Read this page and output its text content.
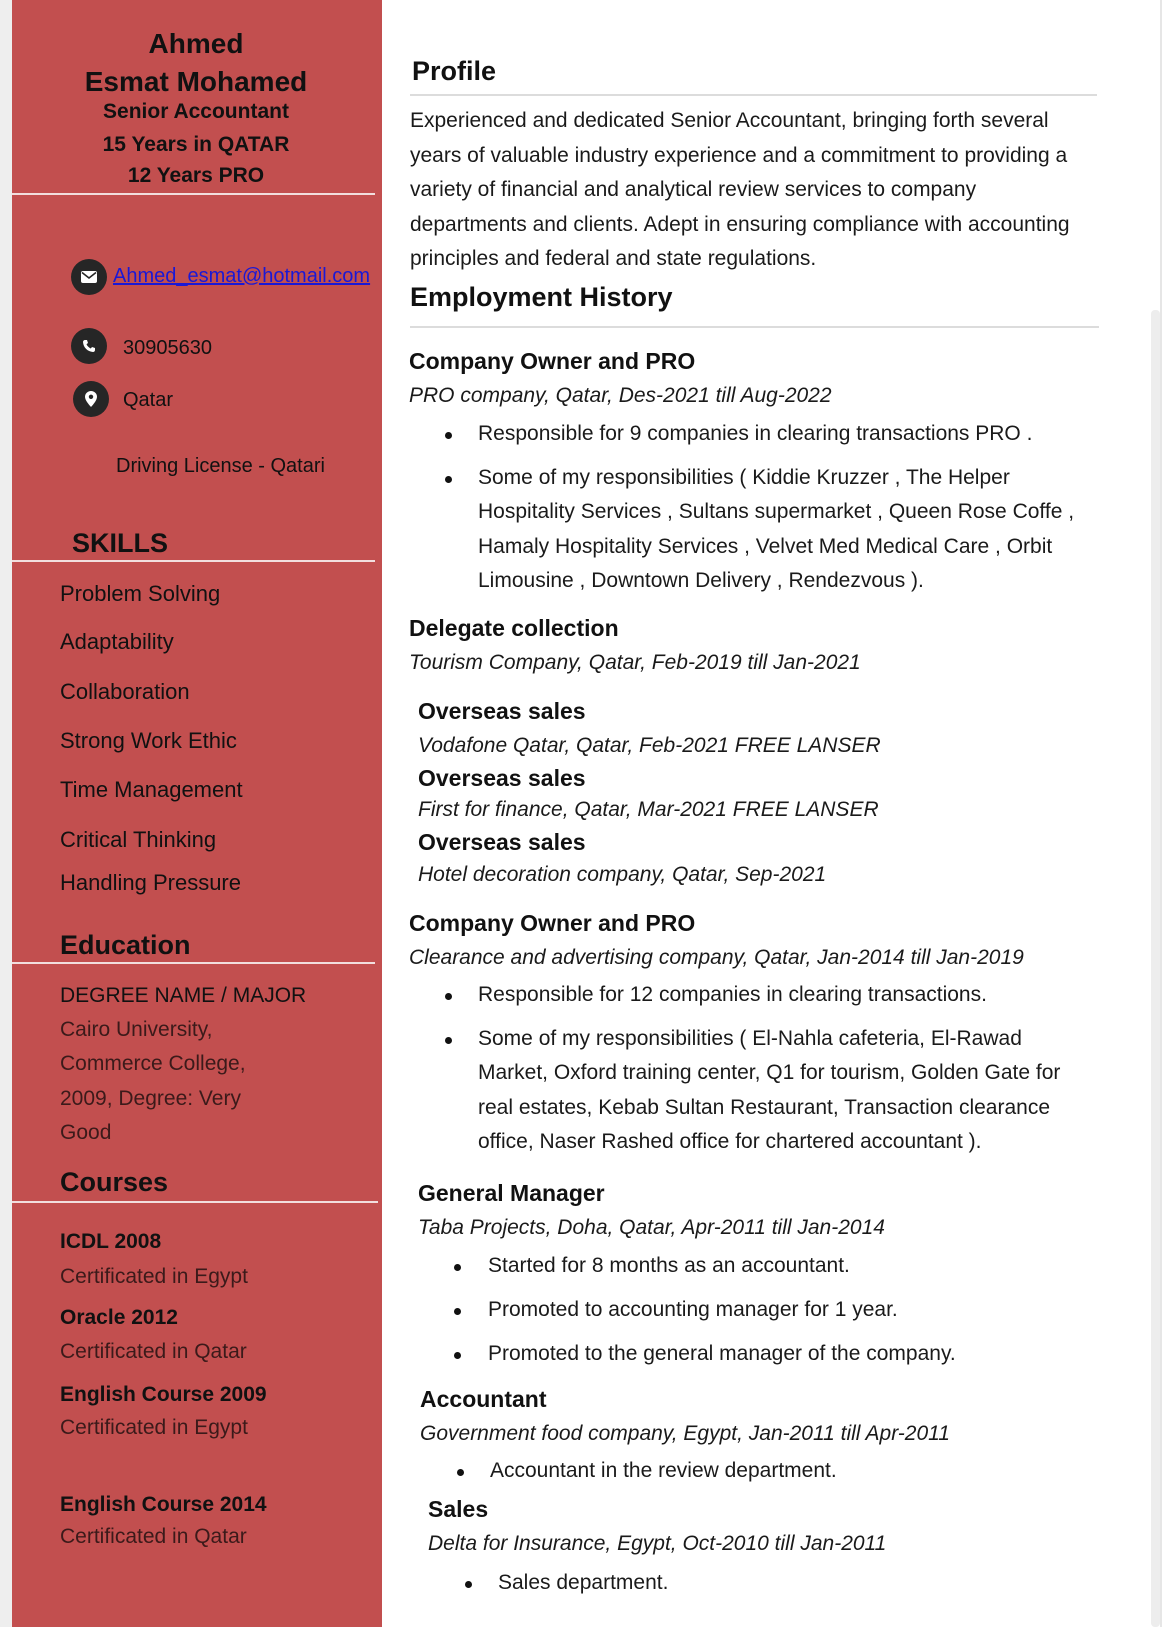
Ahmed
Esmat Mohamed
Senior Accountant
15 Years in QATAR
12 Years PRO
Ahmed_esmat@hotmail.com
30905630
Qatar
Driving License - Qatari
SKILLS
Problem Solving
Adaptability
Collaboration
Strong Work Ethic
Time Management
Critical Thinking
Handling Pressure
Education
DEGREE NAME / MAJOR
Cairo University,
Commerce College,
2009, Degree: Very
Good
Courses
ICDL 2008
Certificated in Egypt
Oracle 2012
Certificated in Qatar
English Course 2009
Certificated in Egypt
English Course 2014
Certificated in Qatar
Profile
Experienced and dedicated Senior Accountant, bringing forth several
years of valuable industry experience and a commitment to providing a
variety of financial and analytical review services to company
departments and clients. Adept in ensuring compliance with accounting
principles and federal and state regulations.
Employment History
Company Owner and PRO
PRO company, Qatar, Des-2021 till Aug-2022
Responsible for 9 companies in clearing transactions PRO .
Some of my responsibilities ( Kiddie Kruzzer , The Helper
Hospitality Services , Sultans supermarket , Queen Rose Coffe ,
Hamaly Hospitality Services , Velvet Med Medical Care , Orbit
Limousine , Downtown Delivery , Rendezvous ).
Delegate collection
Tourism Company, Qatar, Feb-2019 till Jan-2021
Overseas sales
Vodafone Qatar, Qatar, Feb-2021 FREE LANSER
Overseas sales
First for finance, Qatar, Mar-2021 FREE LANSER
Overseas sales
Hotel decoration company, Qatar, Sep-2021
Company Owner and PRO
Clearance and advertising company, Qatar, Jan-2014 till Jan-2019
Responsible for 12 companies in clearing transactions.
Some of my responsibilities ( El-Nahla cafeteria, El-Rawad
Market, Oxford training center, Q1 for tourism, Golden Gate for
real estates, Kebab Sultan Restaurant, Transaction clearance
office, Naser Rashed office for chartered accountant ).
General Manager
Taba Projects, Doha, Qatar, Apr-2011 till Jan-2014
Started for 8 months as an accountant.
Promoted to accounting manager for 1 year.
Promoted to the general manager of the company.
Accountant
Government food company, Egypt, Jan-2011 till Apr-2011
Accountant in the review department.
Sales
Delta for Insurance, Egypt, Oct-2010 till Jan-2011
Sales department.
